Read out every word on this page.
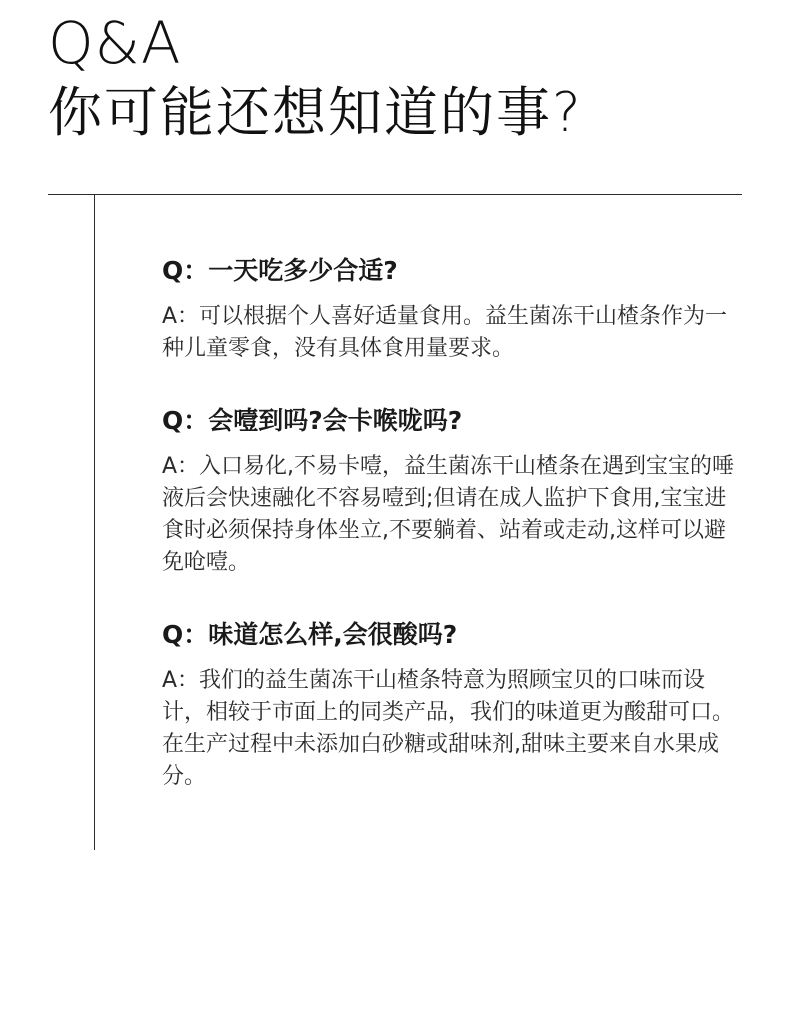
Q&A
你可能还想知道的事?
Q：一天吃多少合适?
A：可以根据个人喜好适量食用。益生菌冻干山楂条作为一种儿童零食，没有具体食用量要求。
Q：会噎到吗?会卡喉咙吗?
A：入口易化,不易卡噎，益生菌冻干山楂条在遇到宝宝的唾液后会快速融化不容易噎到;但请在成人监护下食用,宝宝进食时必须保持身体坐立,不要躺着、站着或走动,这样可以避免呛噎。
Q：味道怎么样,会很酸吗?
A：我们的益生菌冻干山楂条特意为照顾宝贝的口味而设计，相较于市面上的同类产品，我们的味道更为酸甜可口。在生产过程中未添加白砂糖或甜味剂,甜味主要来自水果成分。
